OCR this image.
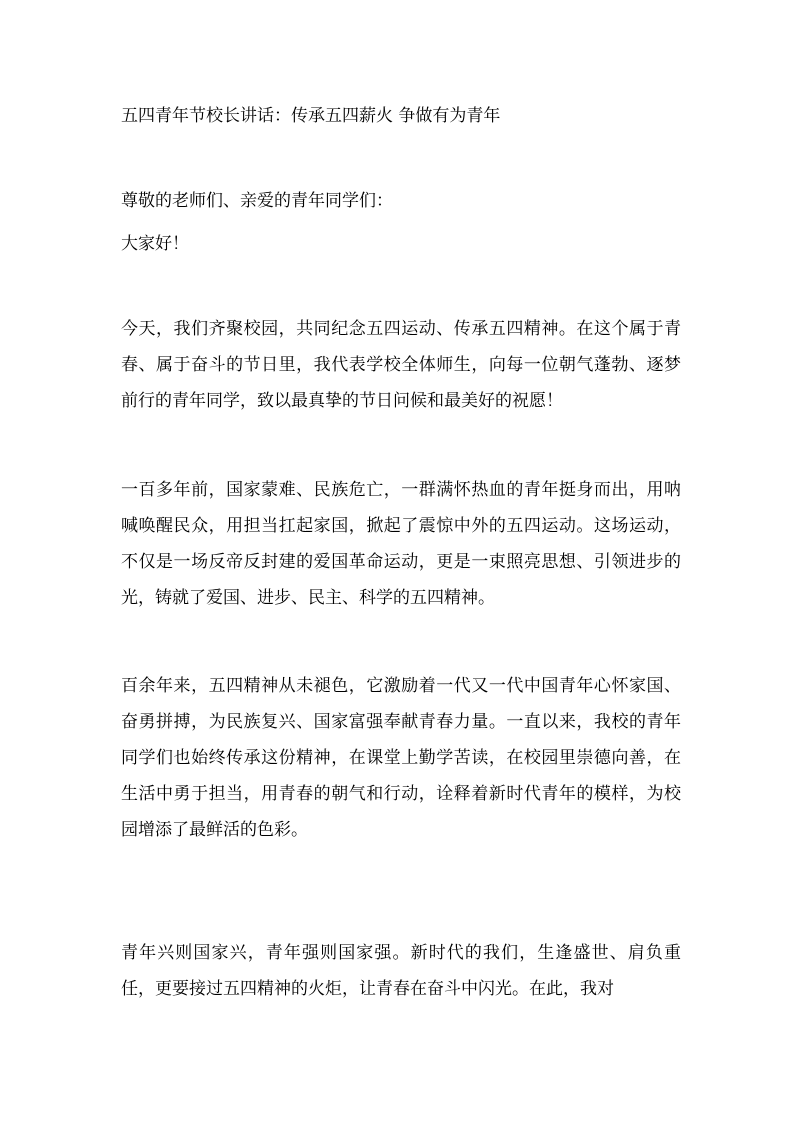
五四青年节校长讲话：传承五四薪火 争做有为青年
尊敬的老师们、亲爱的青年同学们：
大家好！
今天，我们齐聚校园，共同纪念五四运动、传承五四精神。在这个属于青春、属于奋斗的节日里，我代表学校全体师生，向每一位朝气蓬勃、逐梦前行的青年同学，致以最真挚的节日问候和最美好的祝愿！
一百多年前，国家蒙难、民族危亡，一群满怀热血的青年挺身而出，用呐喊唤醒民众，用担当扛起家国，掀起了震惊中外的五四运动。这场运动，不仅是一场反帝反封建的爱国革命运动，更是一束照亮思想、引领进步的光，铸就了爱国、进步、民主、科学的五四精神。
百余年来，五四精神从未褪色，它激励着一代又一代中国青年心怀家国、奋勇拼搏，为民族复兴、国家富强奉献青春力量。一直以来，我校的青年同学们也始终传承这份精神，在课堂上勤学苦读，在校园里崇德向善，在生活中勇于担当，用青春的朝气和行动，诠释着新时代青年的模样，为校园增添了最鲜活的色彩。
青年兴则国家兴，青年强则国家强。新时代的我们，生逢盛世、肩负重任，更要接过五四精神的火炬，让青春在奋斗中闪光。在此，我对
